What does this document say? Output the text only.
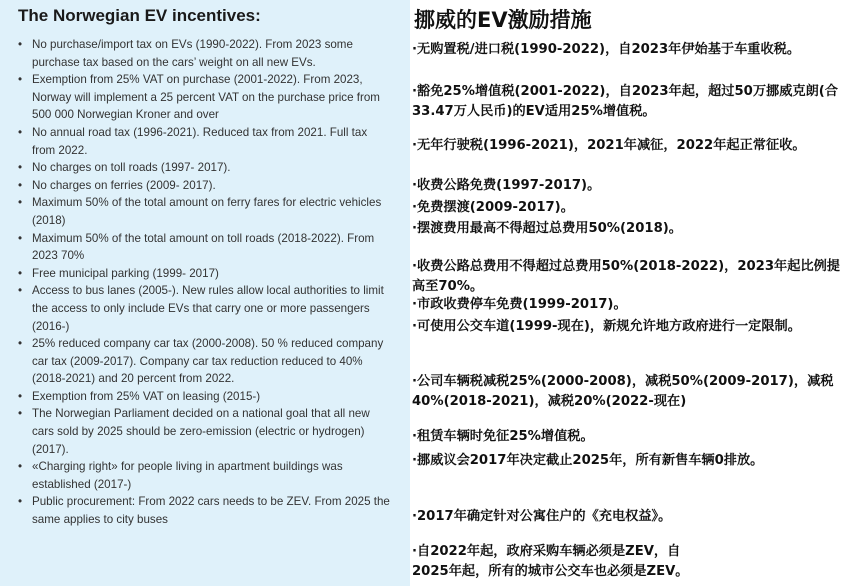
The Norwegian EV incentives:
• No purchase/import tax on EVs (1990-2022). From 2023 some purchase tax based on the cars’ weight on all new EVs.
• Exemption from 25% VAT on purchase (2001-2022). From 2023, Norway will implement a 25 percent VAT on the purchase price from 500 000 Norwegian Kroner and over
• No annual road tax (1996-2021). Reduced tax from 2021. Full tax from 2022.
• No charges on toll roads (1997- 2017).
• No charges on ferries (2009- 2017).
• Maximum 50% of the total amount on ferry fares for electric vehicles (2018)
• Maximum 50% of the total amount on toll roads (2018-2022). From 2023 70%
• Free municipal parking (1999- 2017)
• Access to bus lanes (2005-). New rules allow local authorities to limit the access to only include EVs that carry one or more passengers (2016-)
• 25% reduced company car tax (2000-2008). 50 % reduced company car tax (2009-2017). Company car tax reduction reduced to 40% (2018-2021) and 20 percent from 2022.
• Exemption from 25% VAT on leasing (2015-)
• The Norwegian Parliament decided on a national goal that all new cars sold by 2025 should be zero-emission (electric or hydrogen) (2017).
• «Charging right» for people living in apartment buildings was established (2017-)
• Public procurement: From 2022 cars needs to be ZEV. From 2025 the same applies to city buses
挪威的EV激励措施
·无购置税/进口税(1990-2022)，自2023年伊始基于车重收税。
·豁免25%增值税(2001-2022)，自2023年起，超过50万挪威克朗(合33.47万人民币)的EV适用25%增值税。
·无年行驶税(1996-2021)，2021年减征，2022年起正常征收。
·收费公路免费(1997-2017)。
·免费摆渡(2009-2017)。
·摆渡费用最高不得超过总费用50%(2018)。
·收费公路总费用不得超过总费用50%(2018-2022)，2023年起比例提高至70%。
·市政收费停车免费(1999-2017)。
·可使用公交车道(1999-现在)，新规允许地方政府进行一定限制。
·公司车辆税减税25%(2000-2008)，减税50%(2009-2017)，减税40%(2018-2021)，减税20%(2022-现在)
·租赁车辆时免征25%增值税。
·挪威议会2017年决定截止2025年，所有新售车辆0排放。
·2017年确定针对公寓住户的《充电权益》。
·自2022年起，政府采购车辆必须是ZEV，自2025年起，所有的城市公交车也必须是ZEV。
